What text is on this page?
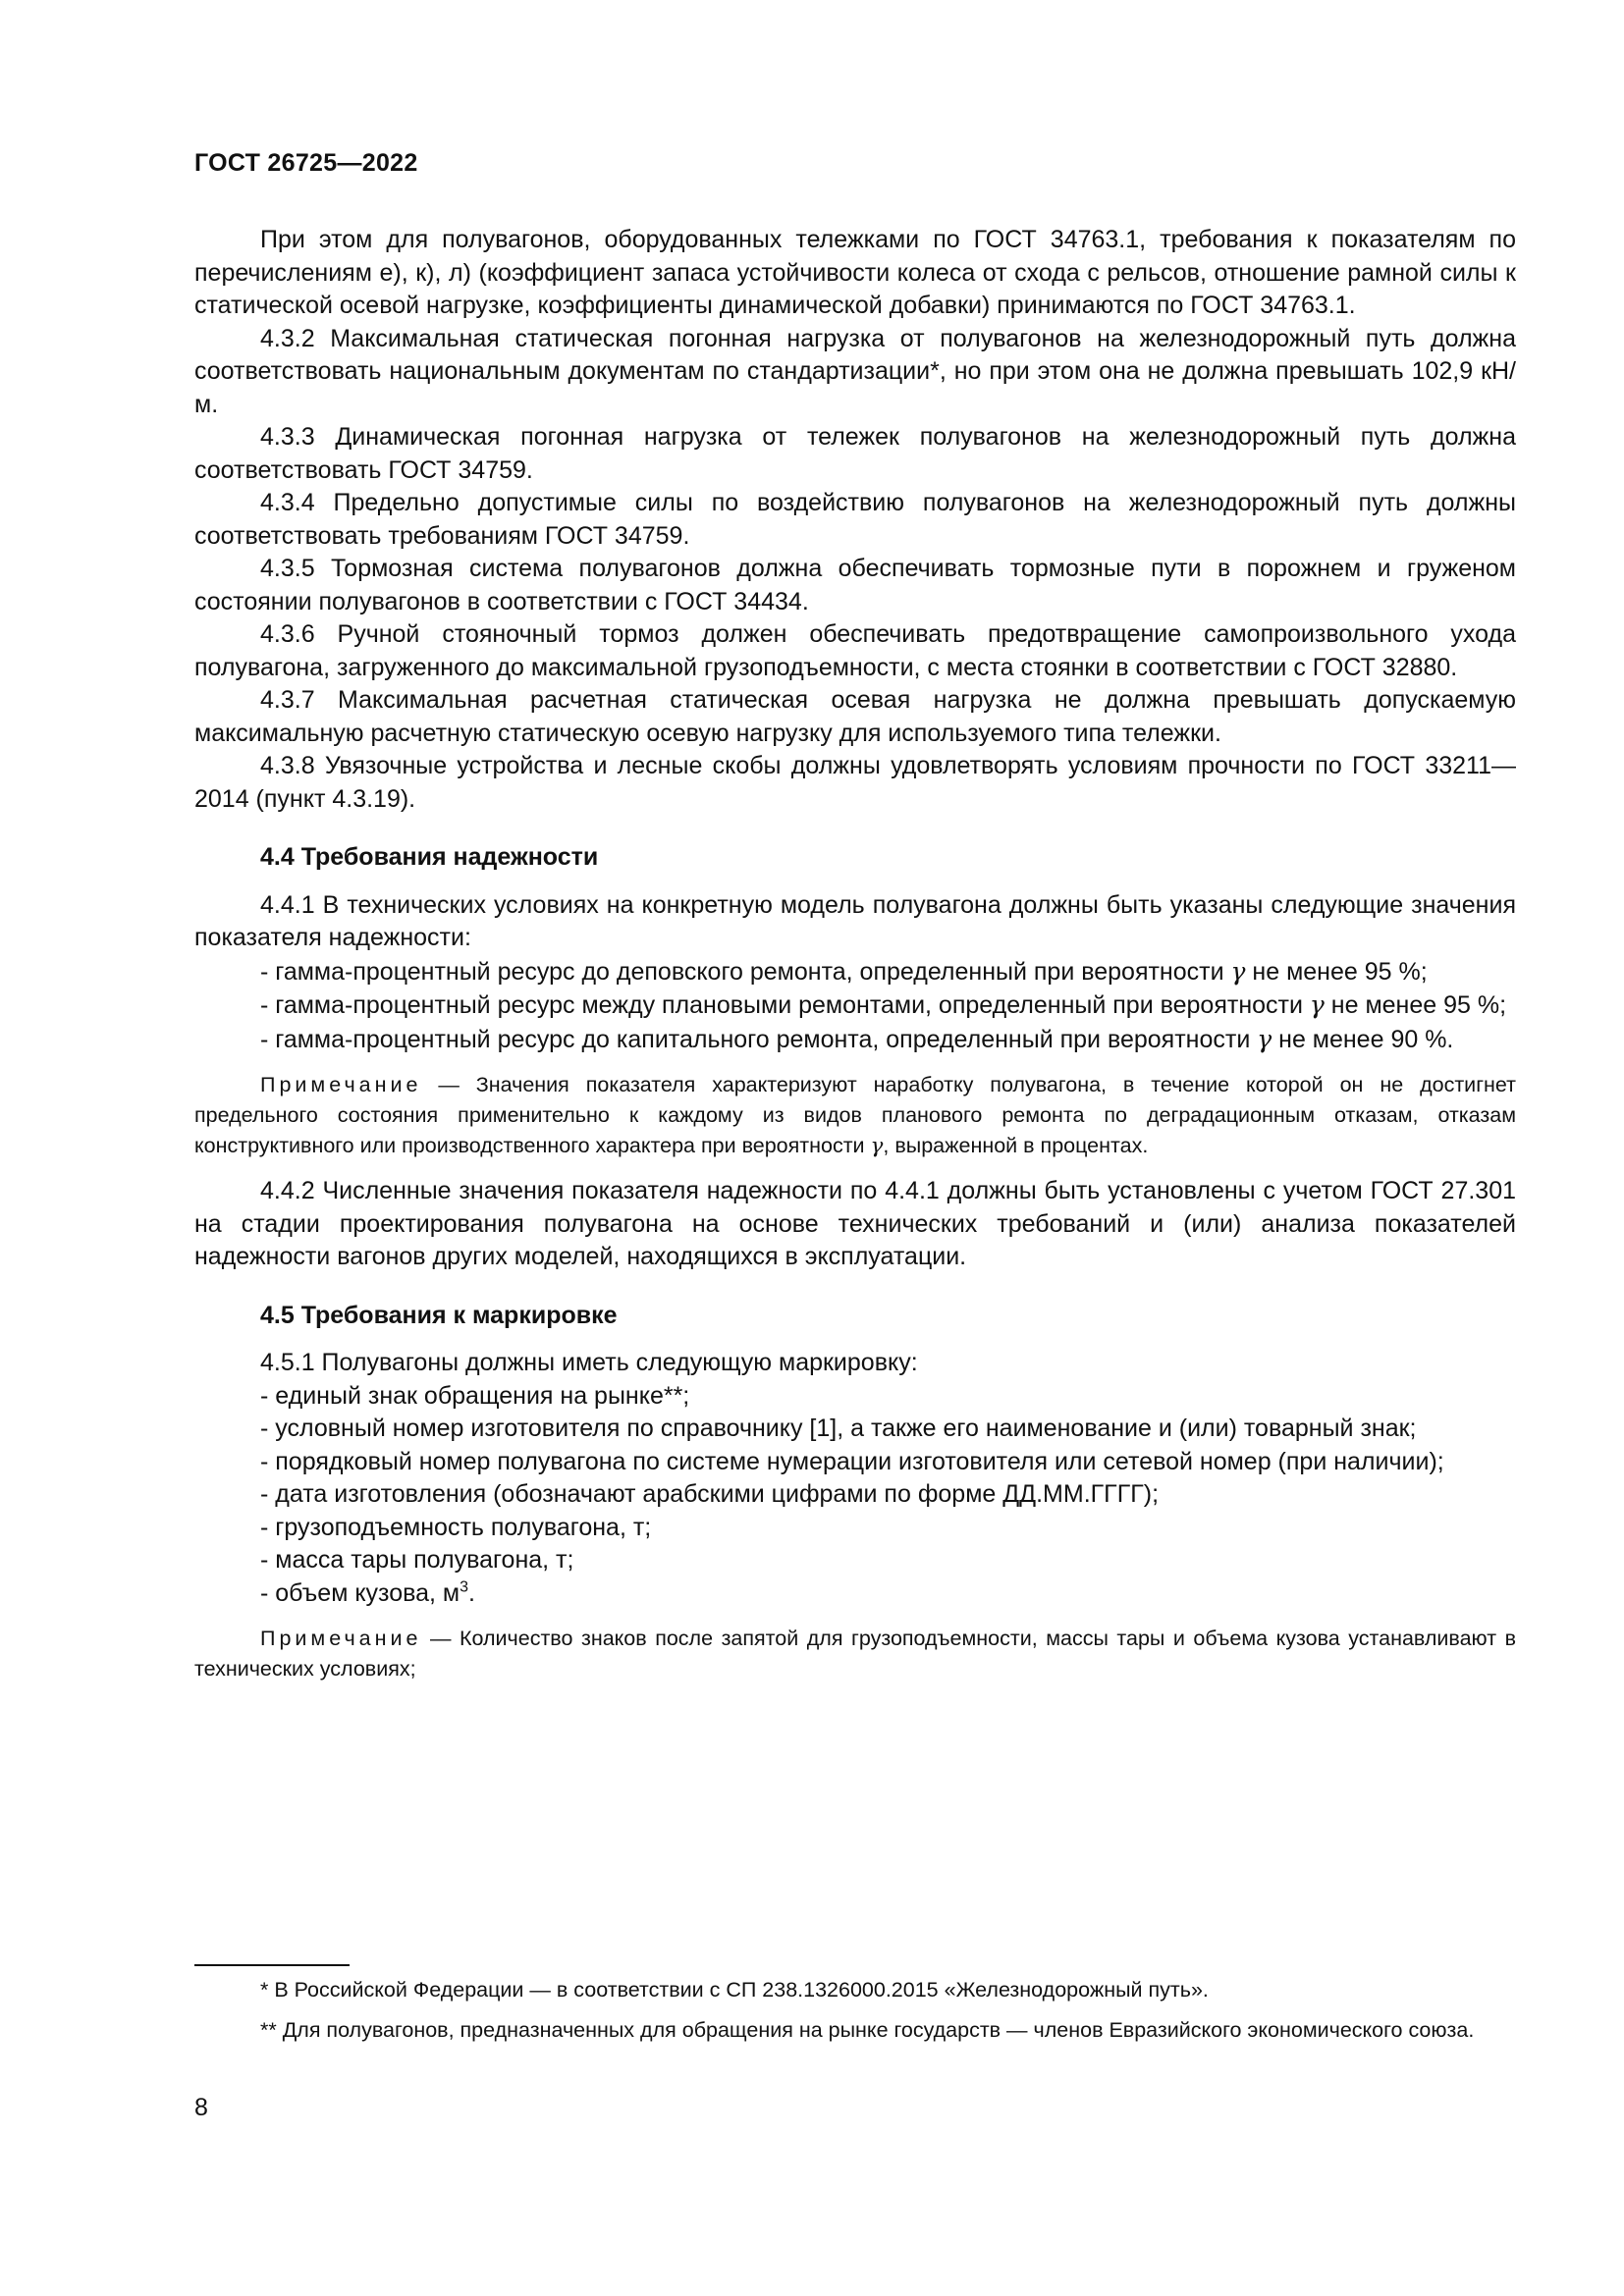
ГОСТ 26725—2022

При этом для полувагонов, оборудованных тележками по ГОСТ 34763.1, требования к показателям по перечислениям е), к), л) (коэффициент запаса устойчивости колеса от схода с рельсов, отношение рамной силы к статической осевой нагрузке, коэффициенты динамической добавки) принимаются по ГОСТ 34763.1.

4.3.2 Максимальная статическая погонная нагрузка от полувагонов на железнодорожный путь должна соответствовать национальным документам по стандартизации*, но при этом она не должна превышать 102,9 кН/м.

4.3.3 Динамическая погонная нагрузка от тележек полувагонов на железнодорожный путь должна соответствовать ГОСТ 34759.

4.3.4 Предельно допустимые силы по воздействию полувагонов на железнодорожный путь должны соответствовать требованиям ГОСТ 34759.

4.3.5 Тормозная система полувагонов должна обеспечивать тормозные пути в порожнем и груженом состоянии полувагонов в соответствии с ГОСТ 34434.

4.3.6 Ручной стояночный тормоз должен обеспечивать предотвращение самопроизвольного ухода полувагона, загруженного до максимальной грузоподъемности, с места стоянки в соответствии с ГОСТ 32880.

4.3.7 Максимальная расчетная статическая осевая нагрузка не должна превышать допускаемую максимальную расчетную статическую осевую нагрузку для используемого типа тележки.

4.3.8 Увязочные устройства и лесные скобы должны удовлетворять условиям прочности по ГОСТ 33211—2014 (пункт 4.3.19).

4.4 Требования надежности

4.4.1 В технических условиях на конкретную модель полувагона должны быть указаны следующие значения показателя надежности:

- гамма-процентный ресурс до деповского ремонта, определенный при вероятности γ не менее 95 %;

- гамма-процентный ресурс между плановыми ремонтами, определенный при вероятности γ не менее 95 %;

- гамма-процентный ресурс до капитального ремонта, определенный при вероятности γ не менее 90 %.

Примечание — Значения показателя характеризуют наработку полувагона, в течение которой он не достигнет предельного состояния применительно к каждому из видов планового ремонта по деградационным отказам, отказам конструктивного или производственного характера при вероятности γ, выраженной в процентах.

4.4.2 Численные значения показателя надежности по 4.4.1 должны быть установлены с учетом ГОСТ 27.301 на стадии проектирования полувагона на основе технических требований и (или) анализа показателей надежности вагонов других моделей, находящихся в эксплуатации.

4.5 Требования к маркировке

4.5.1 Полувагоны должны иметь следующую маркировку:

- единый знак обращения на рынке**;

- условный номер изготовителя по справочнику [1], а также его наименование и (или) товарный знак;

- порядковый номер полувагона по системе нумерации изготовителя или сетевой номер (при наличии);

- дата изготовления (обозначают арабскими цифрами по форме ДД.ММ.ГГГГ);

- грузоподъемность полувагона, т;

- масса тары полувагона, т;

- объем кузова, $м^3$.

Примечание — Количество знаков после запятой для грузоподъемности, массы тары и объема кузова устанавливают в технических условиях;

* В Российской Федерации — в соответствии с СП 238.1326000.2015 «Железнодорожный путь».

** Для полувагонов, предназначенных для обращения на рынке государств — членов Евразийского экономического союза.

8
